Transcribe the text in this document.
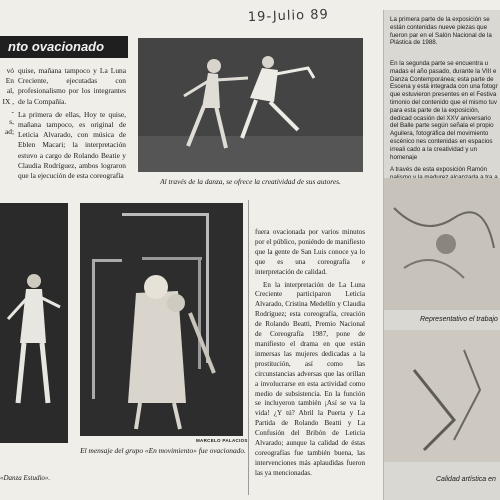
19-Julio 89
nto ovacionado
vó
En
al,
IX ,
-
s,
ad;

quise, mañana tampoco y La Luna Creciente, ejecutadas con profesionalismo por los integrantes de la Compañía.

La primera de ellas, Hoy te quise, mañana tampoco, es original de Leticia Alvarado, con música de Eblen Macari; la interpretación estuvo a cargo de Rolando Beatie y Claudia Rodríguez, ambos lograron que la ejecución de esta coreografía

Al través de la danza, se ofrece la creatividad de sus autores.
«Danza Estudio».
MARCELO PALACIOS
El mensaje del grupo «En movimiento» fue ovacionado.

fuera ovacionada por varios minutos por el público, poniéndo de manifiesto que la gente de San Luis conoce ya lo que es una coreografía e interpretación de calidad.

En la interpretación de La Luna Creciente participaron Leticia Alvarado, Cristina Medellín y Claudia Rodríguez; esta coreografía, creación de Rolando Beatti, Premio Nacional de Coreografía 1987, pone de manifiesto el drama en que están inmersas las mujeres dedicadas a la prostitución, así como las circunstancias adversas que las orillan a involucrarse en esta actividad como medio de subsistencia. En la función se incluyeron también ¡Así se va la vida! ¿Y tú? Abril la Puerta y La Partida de Rolando Beatti y La Confusión del Bribón de Leticia Alvarado; aunque la calidad de éstas coreografías fue también buena, las intervenciones más aplaudidas fueron las ya mencionadas.

La primera parte de la exposición se están contenidas nueve piezas que fueron par en el Salón Nacional de la Plástica de 1988.
En la segunda parte se encuentra u madas el año pasado, durante la VIII e Danza Contemporánea; esta parte de Escena y está integrada con una fotogr que estuvieron presentes en el Festiva timonio del contenido que el mismo tuv para esta parte de la exposición, dedicad ocasión del XXV aniversario del Balle parte según señala el propio Aguilera, fotográfica del movimiento escénico nes contenidas en espacios irreali cado a la creatividad y un homenaje
A través de esta exposición Ramón
Representativo el trabajo
Calidad artística en
